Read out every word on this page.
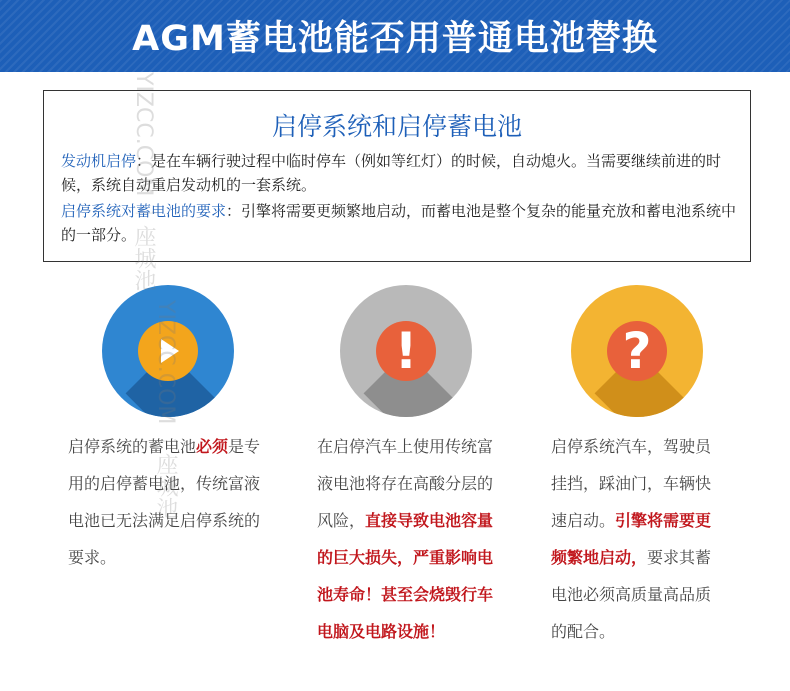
AGM蓄电池能否用普通电池替换
启停系统和启停蓄电池
发动机启停：是在车辆行驶过程中临时停车（例如等红灯）的时候，自动熄火。当需要继续前进的时候，系统自动重启发动机的一套系统。
启停系统对蓄电池的要求：引擎将需要更频繁地启动，而蓄电池是整个复杂的能量充放和蓄电池系统中的一部分。
!	?
启停系统的蓄电池必须是专用的启停蓄电池，传统富液电池已无法满足启停系统的要求。
在启停汽车上使用传统富液电池将存在高酸分层的风险，直接导致电池容量的巨大损失，严重影响电池寿命！甚至会烧毁行车电脑及电路设施！
启停系统汽车，驾驶员挂挡，踩油门，车辆快速启动。引擎将需要更频繁地启动，要求其蓄电池必须高质量高品质的配合。
YIZCC.COM 一座城池
YIZCC.COM 一座城池
